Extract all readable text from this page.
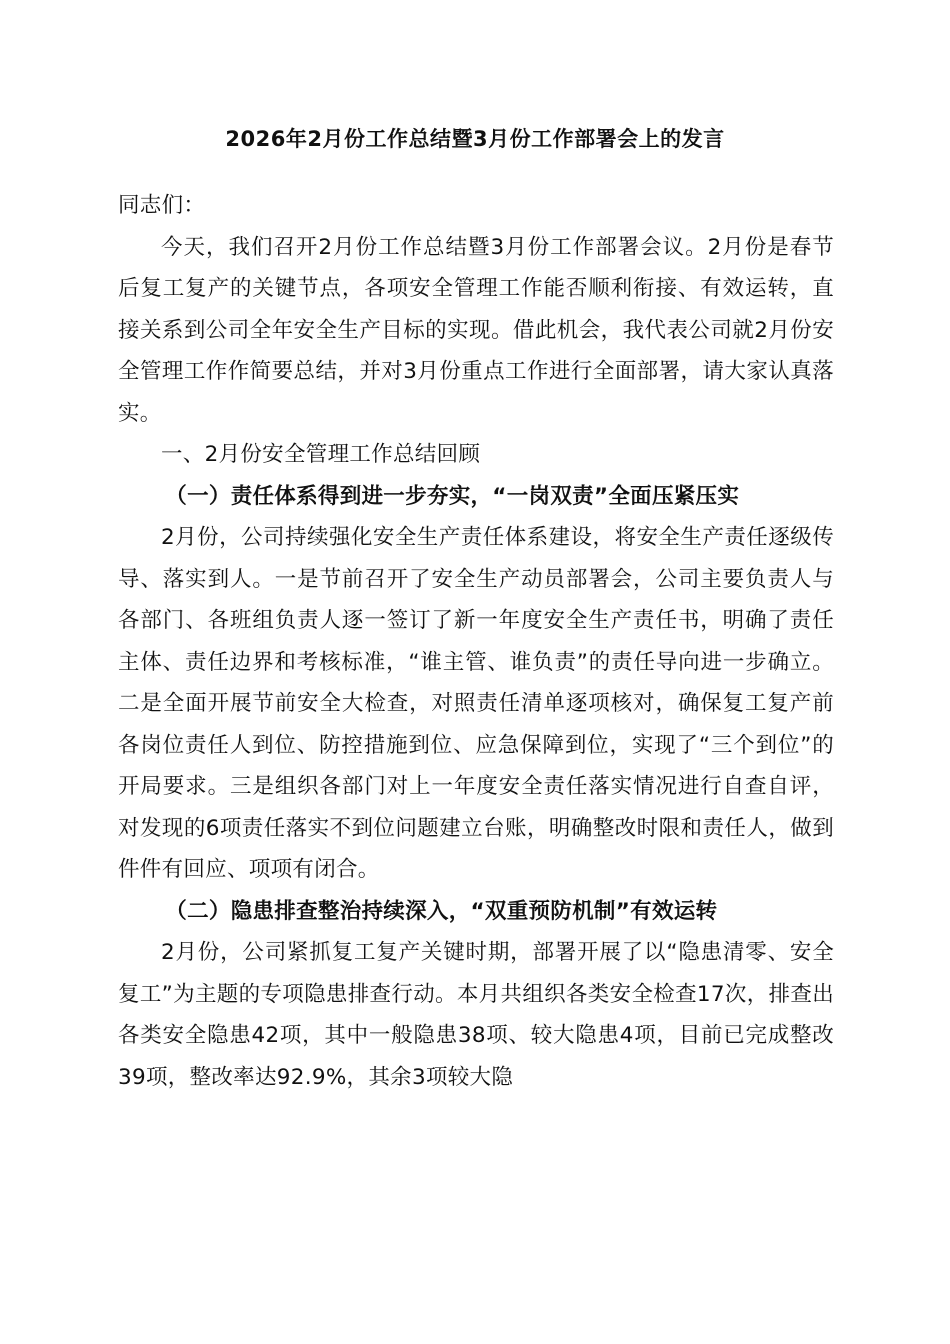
2026年2月份工作总结暨3月份工作部署会上的发言

同志们：

今天，我们召开2月份工作总结暨3月份工作部署会议。2月份是春节后复工复产的关键节点，各项安全管理工作能否顺利衔接、有效运转，直接关系到公司全年安全生产目标的实现。借此机会，我代表公司就2月份安全管理工作作简要总结，并对3月份重点工作进行全面部署，请大家认真落实。

一、2月份安全管理工作总结回顾

（一）责任体系得到进一步夯实，“一岗双责”全面压紧压实

2月份，公司持续强化安全生产责任体系建设，将安全生产责任逐级传导、落实到人。一是节前召开了安全生产动员部署会，公司主要负责人与各部门、各班组负责人逐一签订了新一年度安全生产责任书，明确了责任主体、责任边界和考核标准，“谁主管、谁负责”的责任导向进一步确立。二是全面开展节前安全大检查，对照责任清单逐项核对，确保复工复产前各岗位责任人到位、防控措施到位、应急保障到位，实现了“三个到位”的开局要求。三是组织各部门对上一年度安全责任落实情况进行自查自评，对发现的6项责任落实不到位问题建立台账，明确整改时限和责任人，做到件件有回应、项项有闭合。

（二）隐患排查整治持续深入，“双重预防机制”有效运转

2月份，公司紧抓复工复产关键时期，部署开展了以“隐患清零、安全复工”为主题的专项隐患排查行动。本月共组织各类安全检查17次，排查出各类安全隐患42项，其中一般隐患38项、较大隐患4项，目前已完成整改39项，整改率达92.9%，其余3项较大隐
